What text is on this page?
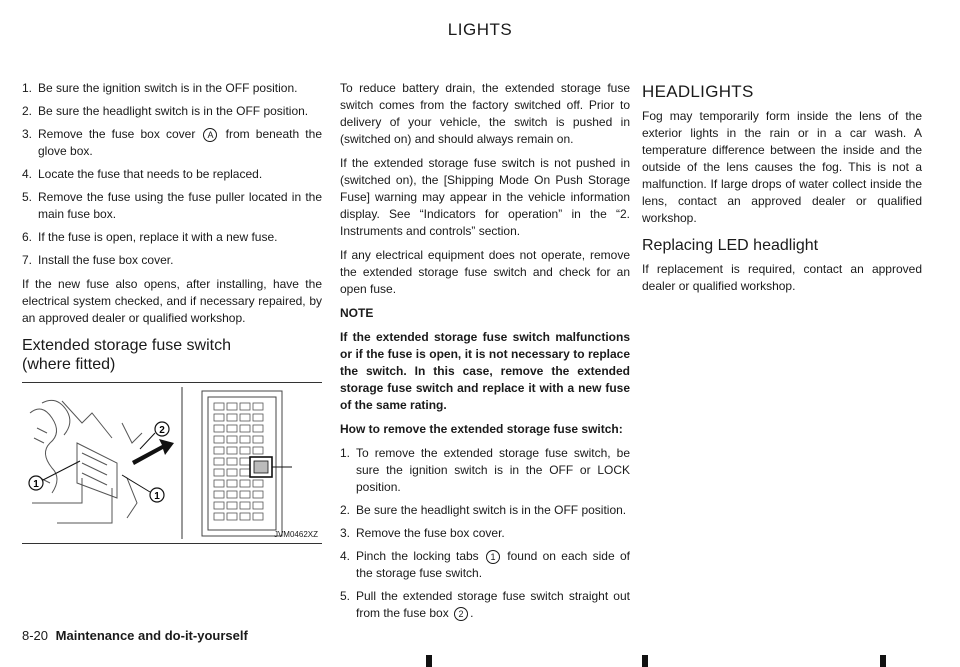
LIGHTS
1. Be sure the ignition switch is in the OFF position.
2. Be sure the headlight switch is in the OFF position.
3. Remove the fuse box cover A from beneath the glove box.
4. Locate the fuse that needs to be replaced.
5. Remove the fuse using the fuse puller located in the main fuse box.
6. If the fuse is open, replace it with a new fuse.
7. Install the fuse box cover.

If the new fuse also opens, after installing, have the electrical system checked, and if necessary repaired, by an approved dealer or qualified workshop.

Extended storage fuse switch
(where fitted)
2
1
1
JVM0462XZ

To reduce battery drain, the extended storage fuse switch comes from the factory switched off. Prior to delivery of your vehicle, the switch is pushed in (switched on) and should always remain on.

If the extended storage fuse switch is not pushed in (switched on), the [Shipping Mode On Push Storage Fuse] warning may appear in the vehicle information display. See “Indicators for operation” in the “2. Instruments and controls” section.

If any electrical equipment does not operate, remove the extended storage fuse switch and check for an open fuse.

NOTE

If the extended storage fuse switch malfunctions or if the fuse is open, it is not necessary to replace the switch. In this case, remove the extended storage fuse switch and replace it with a new fuse of the same rating.

How to remove the extended storage fuse switch:

1. To remove the extended storage fuse switch, be sure the ignition switch is in the OFF or LOCK position.
2. Be sure the headlight switch is in the OFF position.
3. Remove the fuse box cover.
4. Pinch the locking tabs 1 found on each side of the storage fuse switch.
5. Pull the extended storage fuse switch straight out from the fuse box 2 .
HEADLIGHTS

Fog may temporarily form inside the lens of the exterior lights in the rain or in a car wash. A temperature difference between the inside and the outside of the lens causes the fog. This is not a malfunction. If large drops of water collect inside the lens, contact an approved dealer or qualified workshop.

Replacing LED headlight

If replacement is required, contact an approved dealer or qualified workshop.

8-20 Maintenance and do-it-yourself
